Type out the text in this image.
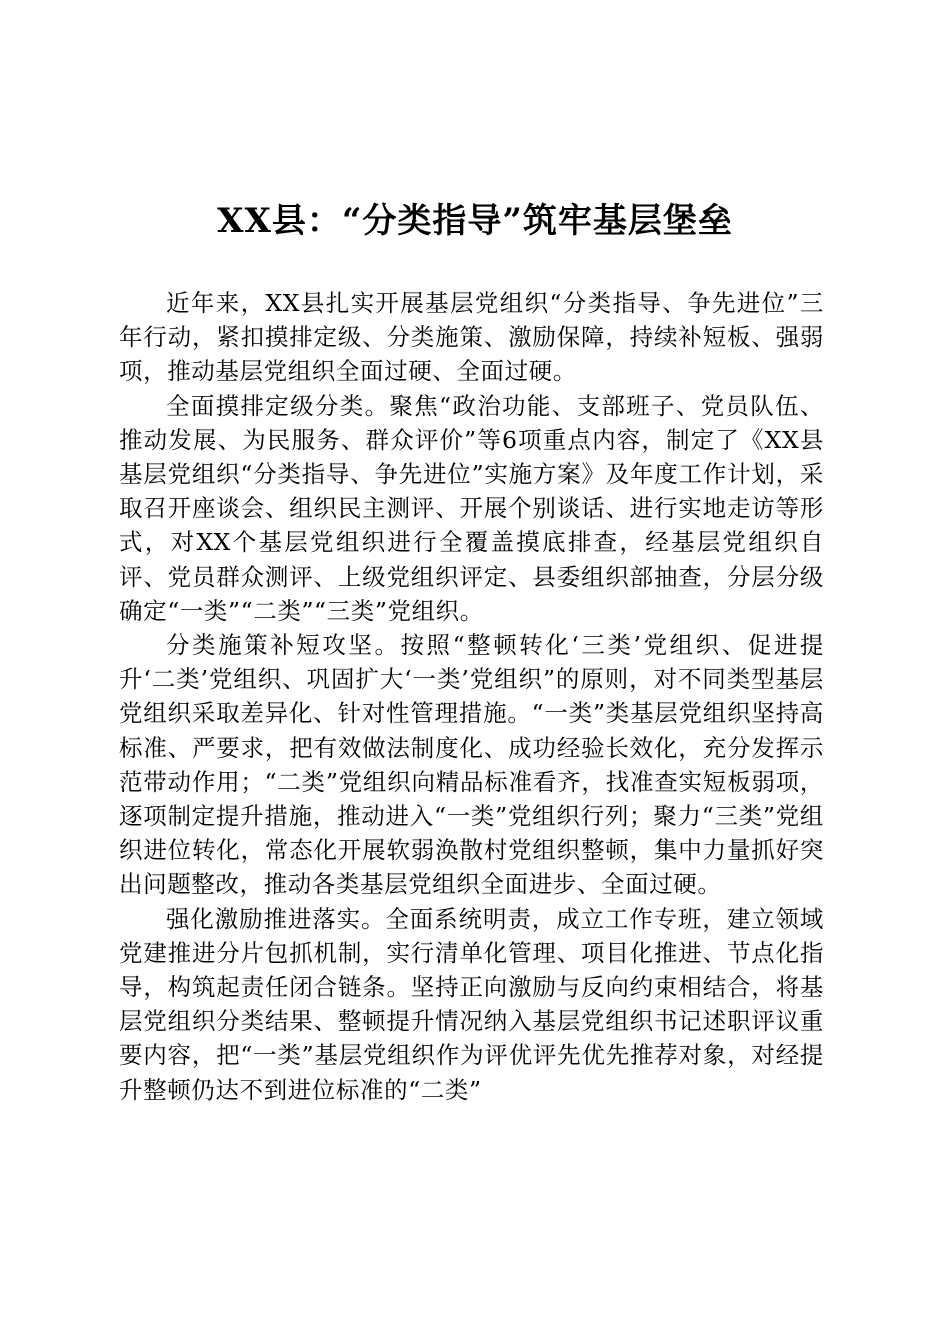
XX县：“分类指导”筑牢基层堡垒

近年来，XX县扎实开展基层党组织“分类指导、争先进位”三年行动，紧扣摸排定级、分类施策、激励保障，持续补短板、强弱项，推动基层党组织全面过硬、全面过硬。

全面摸排定级分类。聚焦“政治功能、支部班子、党员队伍、推动发展、为民服务、群众评价”等6项重点内容，制定了《XX县基层党组织“分类指导、争先进位”实施方案》及年度工作计划，采取召开座谈会、组织民主测评、开展个别谈话、进行实地走访等形式，对XX个基层党组织进行全覆盖摸底排查，经基层党组织自评、党员群众测评、上级党组织评定、县委组织部抽查，分层分级确定“一类”“二类”“三类”党组织。

分类施策补短攻坚。按照“整顿转化‘三类’党组织、促进提升‘二类’党组织、巩固扩大‘一类’党组织”的原则，对不同类型基层党组织采取差异化、针对性管理措施。“一类”类基层党组织坚持高标准、严要求，把有效做法制度化、成功经验长效化，充分发挥示范带动作用；“二类”党组织向精品标准看齐，找准查实短板弱项，逐项制定提升措施，推动进入“一类”党组织行列；聚力“三类”党组织进位转化，常态化开展软弱涣散村党组织整顿，集中力量抓好突出问题整改，推动各类基层党组织全面进步、全面过硬。

强化激励推进落实。全面系统明责，成立工作专班，建立领域党建推进分片包抓机制，实行清单化管理、项目化推进、节点化指导，构筑起责任闭合链条。坚持正向激励与反向约束相结合，将基层党组织分类结果、整顿提升情况纳入基层党组织书记述职评议重要内容，把“一类”基层党组织作为评优评先优先推荐对象，对经提升整顿仍达不到进位标准的“二类”
